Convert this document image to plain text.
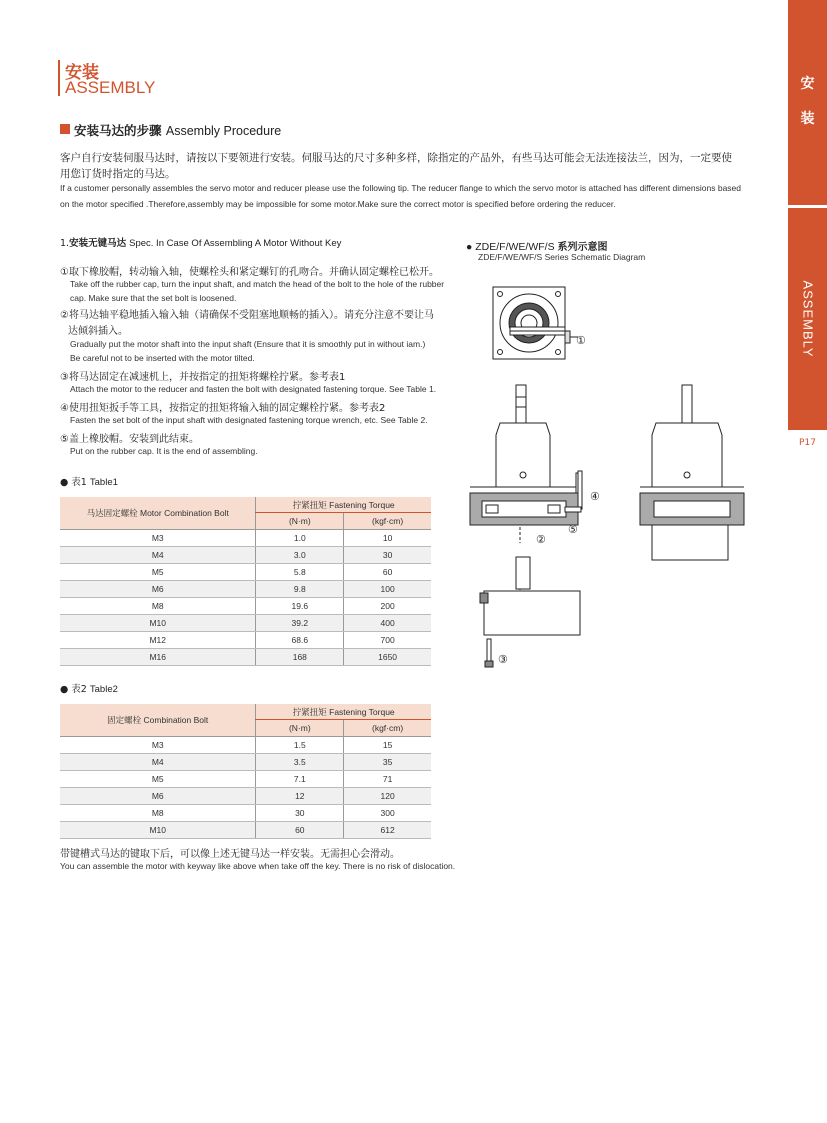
安
装
ASSEMBLY
P17
安装
ASSEMBLY
安装马达的步骤 Assembly Procedure
客户自行安装伺服马达时，请按以下要领进行安装。伺服马达的尺寸多种多样，除指定的产品外，有些马达可能会无法连接法兰，因为，一定要使用您订货时指定的马达。
If a customer personally assembles the servo motor and reducer please use the following tip. The reducer flange to which the servo motor is attached has different dimensions based
on the motor specified .Therefore,assembly may be impossible for some motor.Make sure the correct motor is specified before ordering the reducer.
1.安装无键马达 Spec. In Case Of Assembling A Motor Without Key
①取下橡胶帽，转动输入轴，使螺栓头和紧定螺钉的孔吻合。并确认固定螺栓已松开。
Take off the rubber cap, turn the input shaft, and match the head of the bolt to the hole of the rubber
cap. Make sure that the set bolt is loosened.
②将马达轴平稳地插入输入轴（请确保不受阻塞地顺畅的插入）。请充分注意不要让马
达倾斜插入。
Gradually put the motor shaft into the input shaft (Ensure that it is smoothly put in without iam.)
Be careful not to be inserted with the motor tilted.
③将马达固定在减速机上，并按指定的扭矩将螺栓拧紧。参考表1
Attach the motor to the reducer and fasten the bolt with designated fastening torque. See Table 1.
④使用扭矩扳手等工具，按指定的扭矩将输入轴的固定螺栓拧紧。参考表2
Fasten the set bolt of the input shaft with designated fastening torque wrench, etc. See Table 2.
⑤盖上橡胶帽。安装到此结束。
Put on the rubber cap. It is the end of assembling.
● 表1 Table1
马达固定螺栓 Motor Combination Bolt	拧紧扭矩 Fastening Torque	
	(N·m)	(kgf·cm)
M3	1.0	10
M4	3.0	30
M5	5.8	60
M6	9.8	100
M8	19.6	200
M10	39.2	400
M12	68.6	700
M16	168	1650
● 表2 Table2
固定螺栓 Combination Bolt	拧紧扭矩 Fastening Torque	
	(N·m)	(kgf·cm)
M3	1.5	15
M4	3.5	35
M5	7.1	71
M6	12	120
M8	30	300
M10	60	612
带键槽式马达的键取下后，可以像上述无键马达一样安装。无需担心会滑动。
You can assemble the motor with keyway like above when take off the key. There is no risk of dislocation.
● ZDE/F/WE/WF/S 系列示意图
ZDE/F/WE/WF/S Series Schematic Diagram
①
④
⑤
②
③
